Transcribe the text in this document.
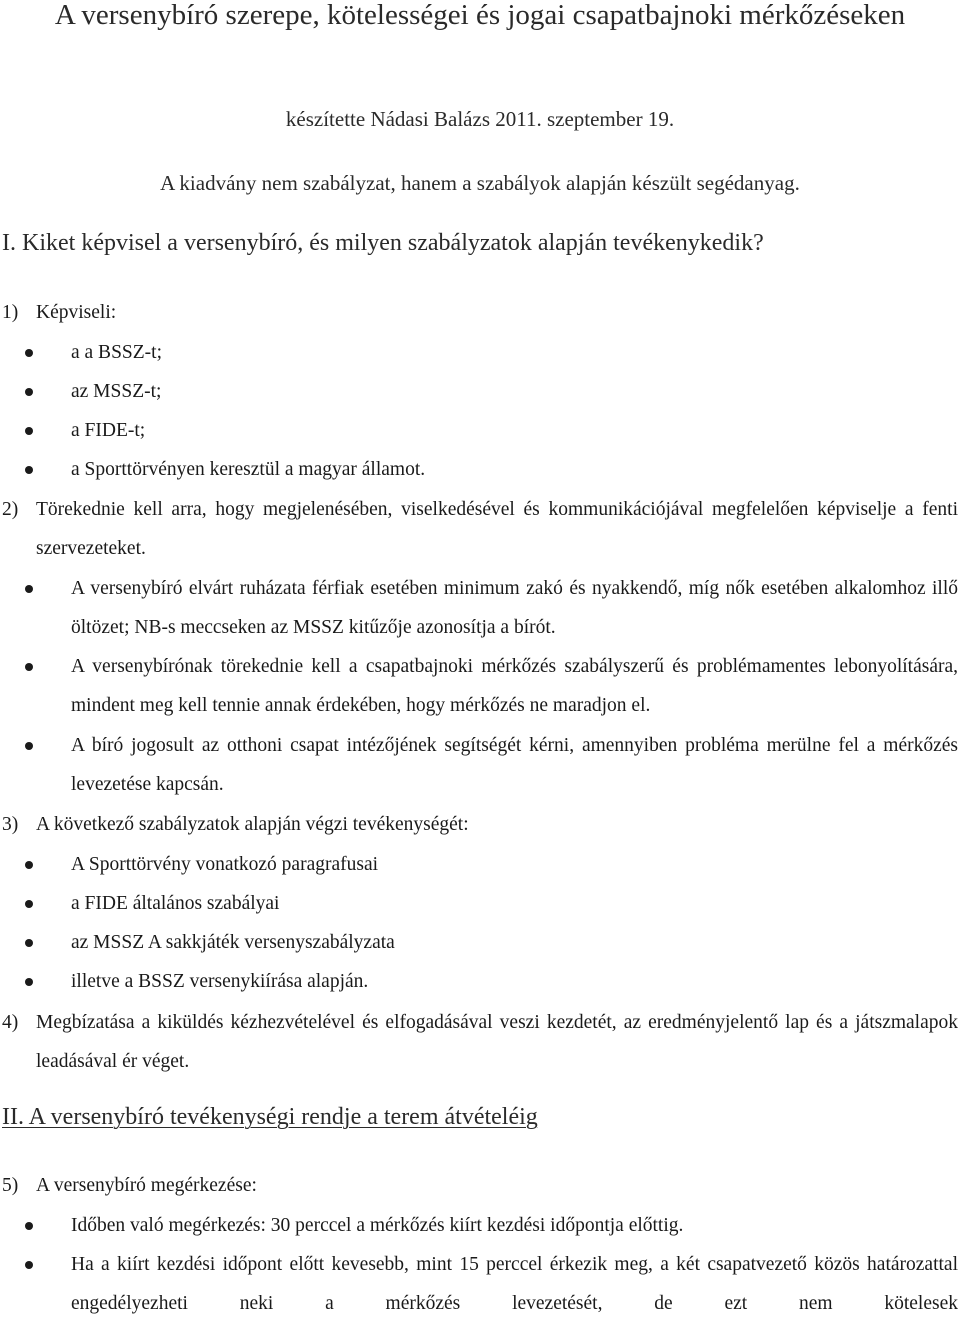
A versenybíró szerepe, kötelességei és jogai csapatbajnoki mérkőzéseken

készítette Nádasi Balázs 2011. szeptember 19.

A kiadvány nem szabályzat, hanem a szabályok alapján készült segédanyag.

I. Kiket képvisel a versenybíró, és milyen szabályzatok alapján tevékenykedik?
1) Képviseli:
a a BSSZ-t;
az MSSZ-t;
a FIDE-t;
a Sporttörvényen keresztül a magyar államot.
2) Törekednie kell arra, hogy megjelenésében, viselkedésével és kommunikációjával megfelelően képviselje a fenti szervezeteket.
A versenybíró elvárt ruházata férfiak esetében minimum zakó és nyakkendő, míg nők esetében alkalomhoz illő öltözet; NB-s meccseken az MSSZ kitűzője azonosítja a bírót.
A versenybírónak törekednie kell a csapatbajnoki mérkőzés szabályszerű és problémamentes lebonyolítására, mindent meg kell tennie annak érdekében, hogy mérkőzés ne maradjon el.
A bíró jogosult az otthoni csapat intézőjének segítségét kérni, amennyiben probléma merülne fel a mérkőzés levezetése kapcsán.
3) A következő szabályzatok alapján végzi tevékenységét:
A Sporttörvény vonatkozó paragrafusai
a FIDE általános szabályai
az MSSZ A sakkjáték versenyszabályzata
illetve a BSSZ versenykiírása alapján.
4) Megbízatása a kiküldés kézhezvételével és elfogadásával veszi kezdetét, az eredményjelentő lap és a játszmalapok leadásával ér véget.
II. A versenybíró tevékenységi rendje a terem átvételéig
5) A versenybíró megérkezése:
Időben való megérkezés: 30 perccel a mérkőzés kiírt kezdési időpontja előttig.
Ha a kiírt kezdési időpont előtt kevesebb, mint 15 perccel érkezik meg, a két csapatvezető közös határozattal engedélyezheti neki a mérkőzés levezetését, de ezt nem kötelesek
